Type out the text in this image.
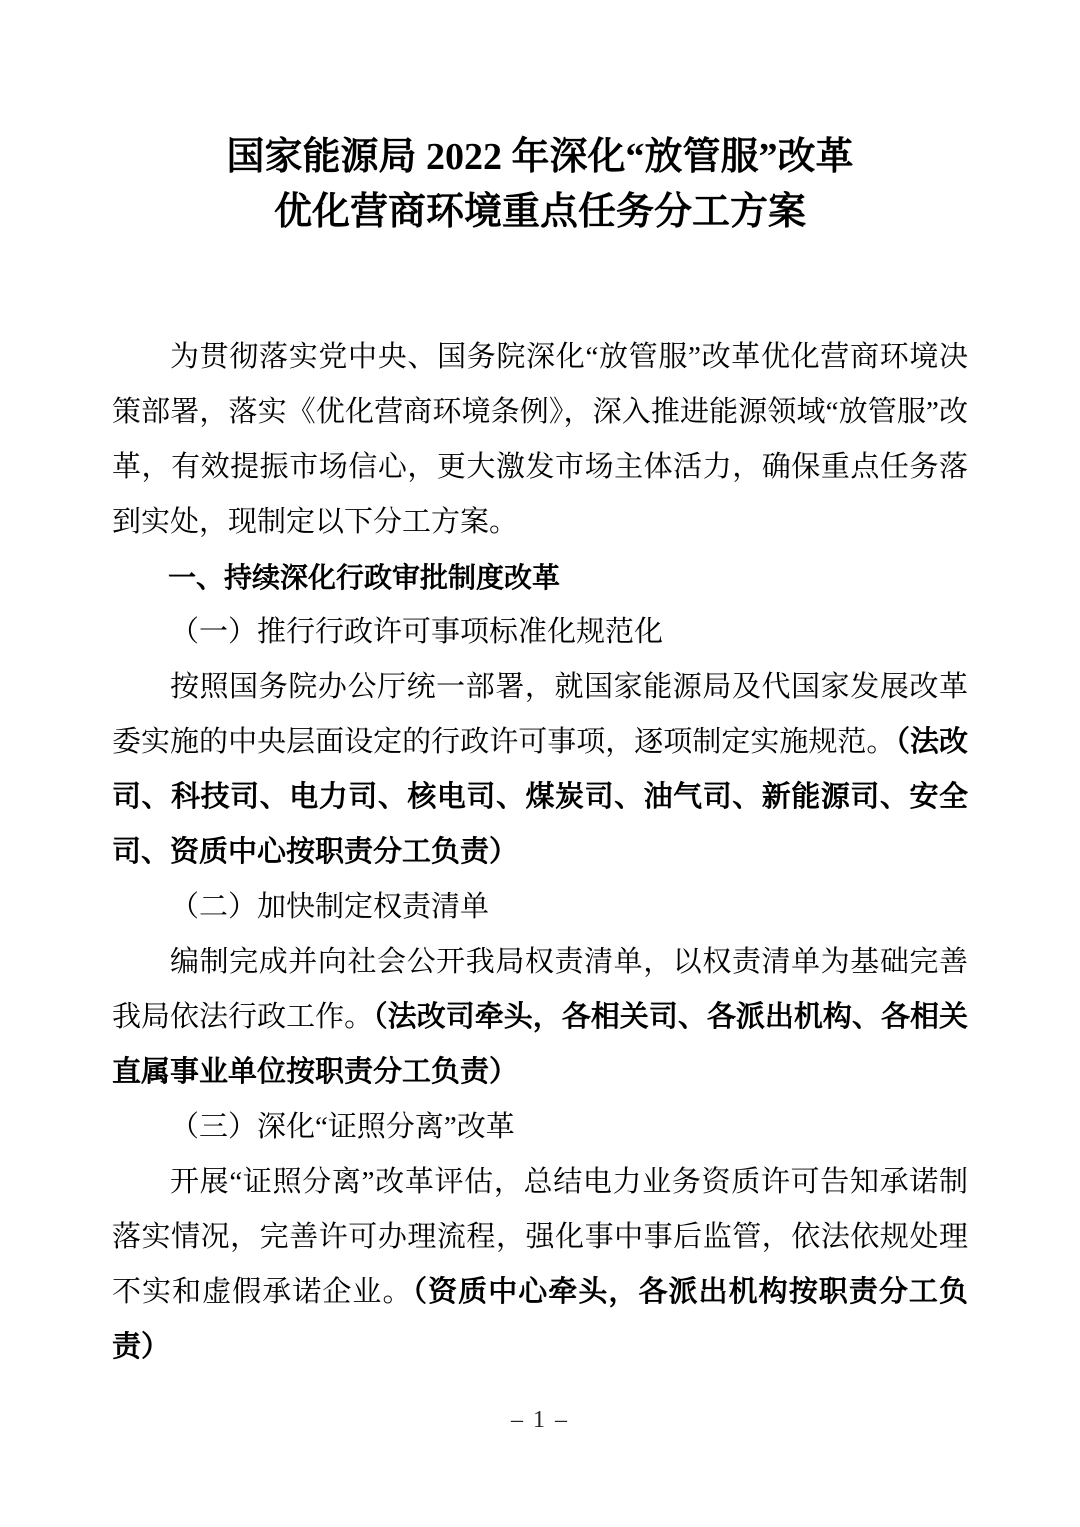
国家能源局 2022 年深化“放管服”改革
优化营商环境重点任务分工方案

为贯彻落实党中央、国务院深化“放管服”改革优化营商环境决策部署，落实《优化营商环境条例》，深入推进能源领域“放管服”改革，有效提振市场信心，更大激发市场主体活力，确保重点任务落到实处，现制定以下分工方案。

一、持续深化行政审批制度改革
（一）推行行政许可事项标准化规范化

按照国务院办公厅统一部署，就国家能源局及代国家发展改革委实施的中央层面设定的行政许可事项，逐项制定实施规范。（法改司、科技司、电力司、核电司、煤炭司、油气司、新能源司、安全司、资质中心按职责分工负责）

（二）加快制定权责清单

编制完成并向社会公开我局权责清单，以权责清单为基础完善我局依法行政工作。（法改司牵头，各相关司、各派出机构、各相关直属事业单位按职责分工负责）

（三）深化“证照分离”改革

开展“证照分离”改革评估，总结电力业务资质许可告知承诺制落实情况，完善许可办理流程，强化事中事后监管，依法依规处理不实和虚假承诺企业。（资质中心牵头，各派出机构按职责分工负责）

– 1 –
